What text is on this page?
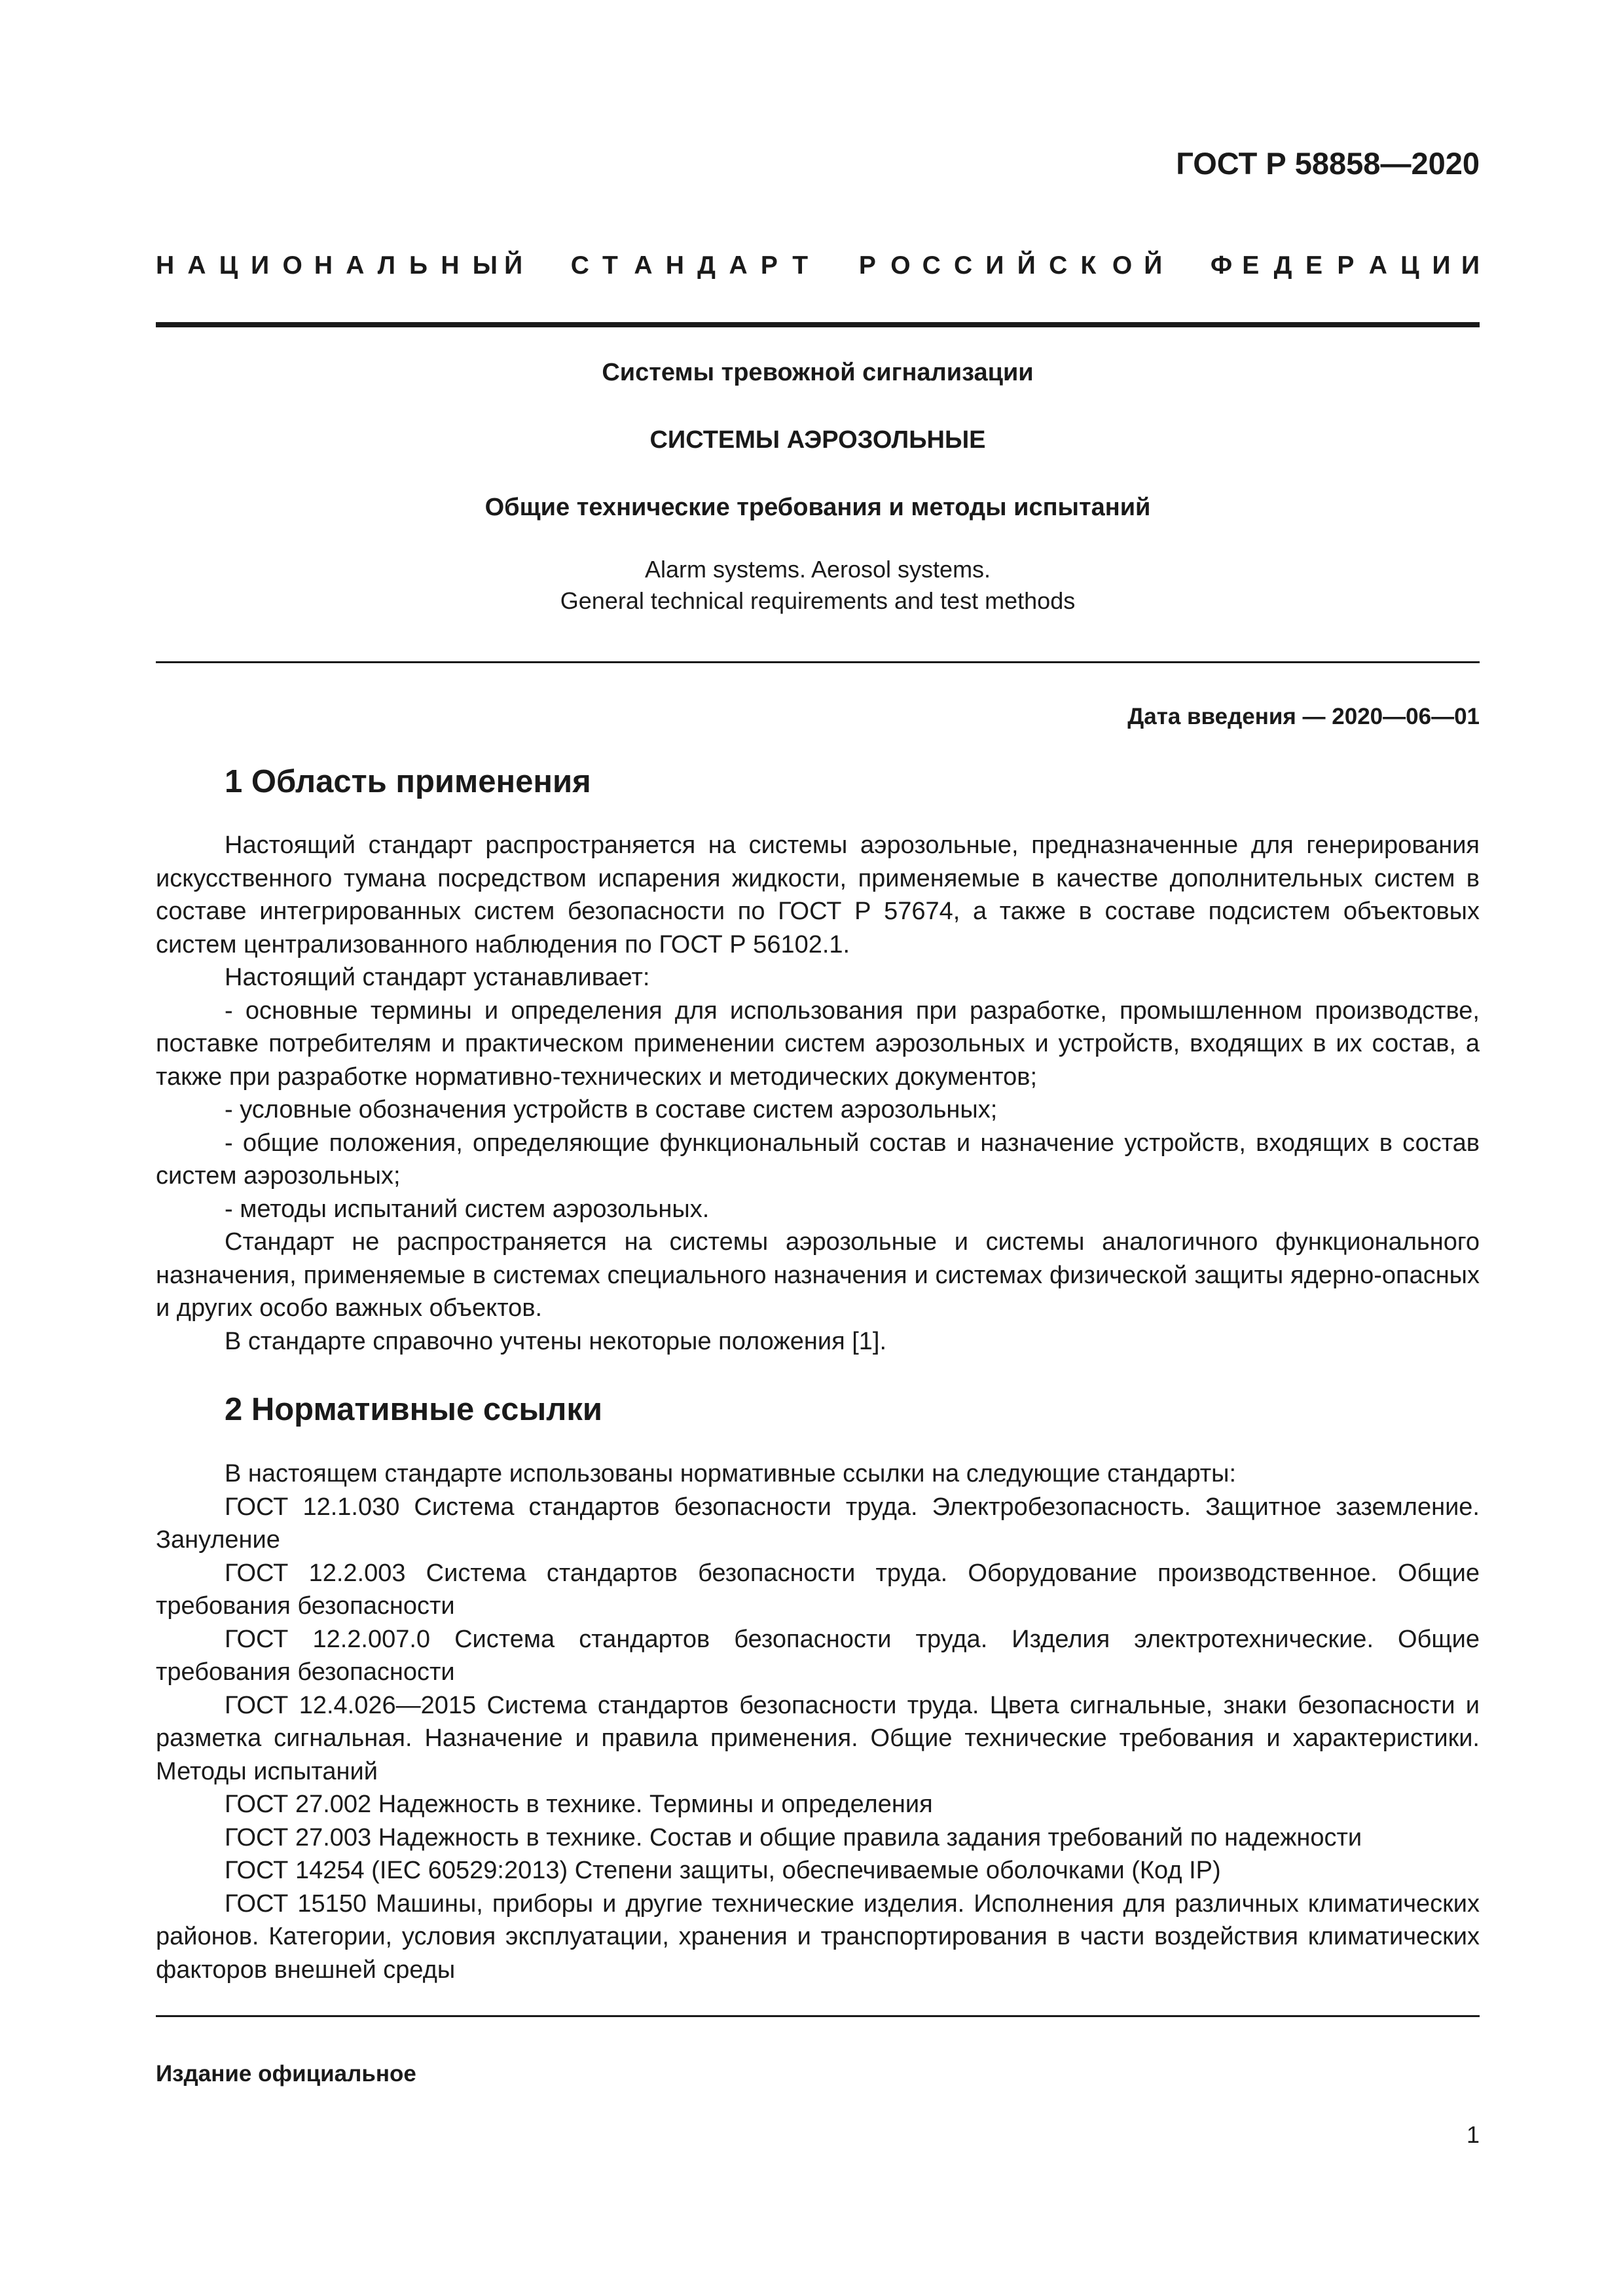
ГОСТ Р 58858—2020
Н А Ц И О Н А Л Ь Н Ы Й С Т А Н Д А Р Т Р О С С И Й С К О Й Ф Е Д Е Р А Ц И И
Системы тревожной сигнализации
СИСТЕМЫ АЭРОЗОЛЬНЫЕ
Общие технические требования и методы испытаний
Alarm systems. Aerosol systems.
General technical requirements and test methods
Дата введения — 2020—06—01
1 Область применения

Настоящий стандарт распространяется на системы аэрозольные, предназначенные для генерирования искусственного тумана посредством испарения жидкости, применяемые в качестве дополнительных систем в составе интегрированных систем безопасности по ГОСТ Р 57674, а также в составе подсистем объектовых систем централизованного наблюдения по ГОСТ Р 56102.1.

Настоящий стандарт устанавливает:

- основные термины и определения для использования при разработке, промышленном производстве, поставке потребителям и практическом применении систем аэрозольных и устройств, входящих в их состав, а также при разработке нормативно-технических и методических документов;

- условные обозначения устройств в составе систем аэрозольных;

- общие положения, определяющие функциональный состав и назначение устройств, входящих в состав систем аэрозольных;

- методы испытаний систем аэрозольных.

Стандарт не распространяется на системы аэрозольные и системы аналогичного функционального назначения, применяемые в системах специального назначения и системах физической защиты ядерно-опасных и других особо важных объектов.

В стандарте справочно учтены некоторые положения [1].

2 Нормативные ссылки

В настоящем стандарте использованы нормативные ссылки на следующие стандарты:

ГОСТ 12.1.030 Система стандартов безопасности труда. Электробезопасность. Защитное заземление. Зануление

ГОСТ 12.2.003 Система стандартов безопасности труда. Оборудование производственное. Общие требования безопасности

ГОСТ 12.2.007.0 Система стандартов безопасности труда. Изделия электротехнические. Общие требования безопасности

ГОСТ 12.4.026—2015 Система стандартов безопасности труда. Цвета сигнальные, знаки безопасности и разметка сигнальная. Назначение и правила применения. Общие технические требования и характеристики. Методы испытаний

ГОСТ 27.002 Надежность в технике. Термины и определения

ГОСТ 27.003 Надежность в технике. Состав и общие правила задания требований по надежности

ГОСТ 14254 (IEC 60529:2013) Степени защиты, обеспечиваемые оболочками (Код IP)

ГОСТ 15150 Машины, приборы и другие технические изделия. Исполнения для различных климатических районов. Категории, условия эксплуатации, хранения и транспортирования в части воздействия климатических факторов внешней среды

Издание официальное
1
